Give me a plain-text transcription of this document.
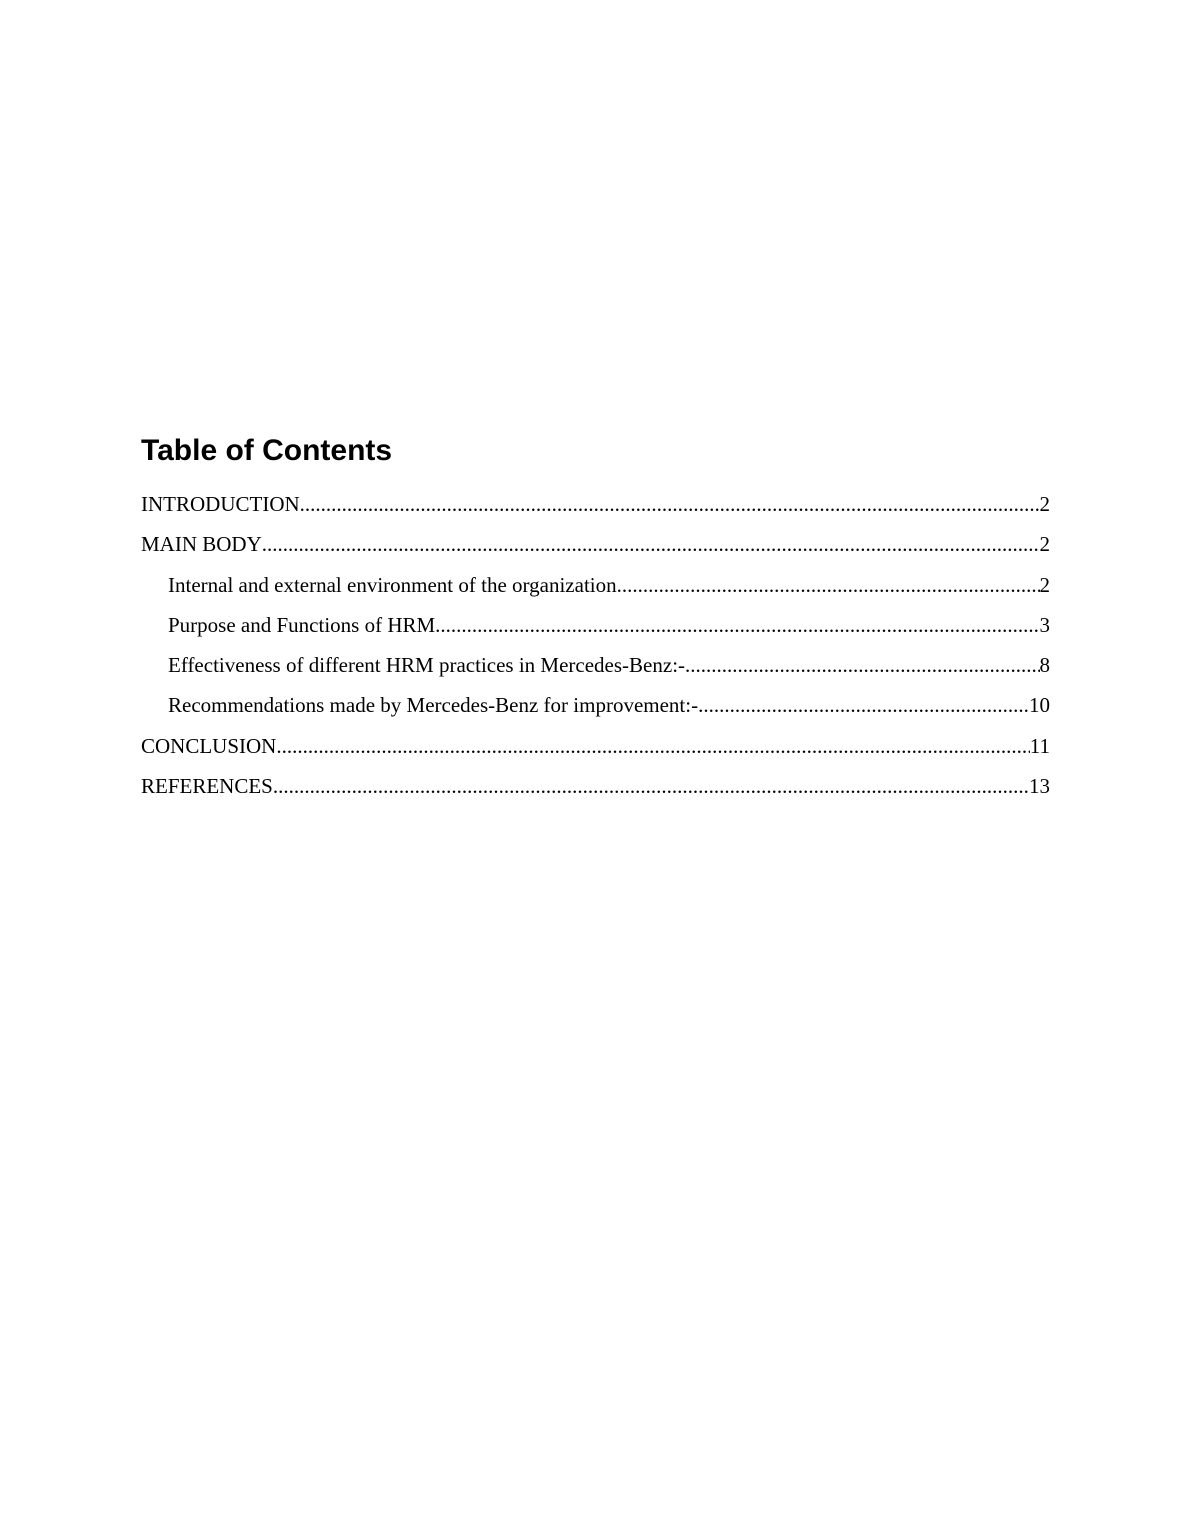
Table of Contents
INTRODUCTION .....	2
MAIN BODY .....	2
Internal and external environment of the organization .....	2
Purpose and Functions of HRM .....	3
Effectiveness of different HRM practices in Mercedes-Benz:- .....	8
Recommendations made by Mercedes-Benz for improvement:- .....	10
CONCLUSION .....	11
REFERENCES .....	13
